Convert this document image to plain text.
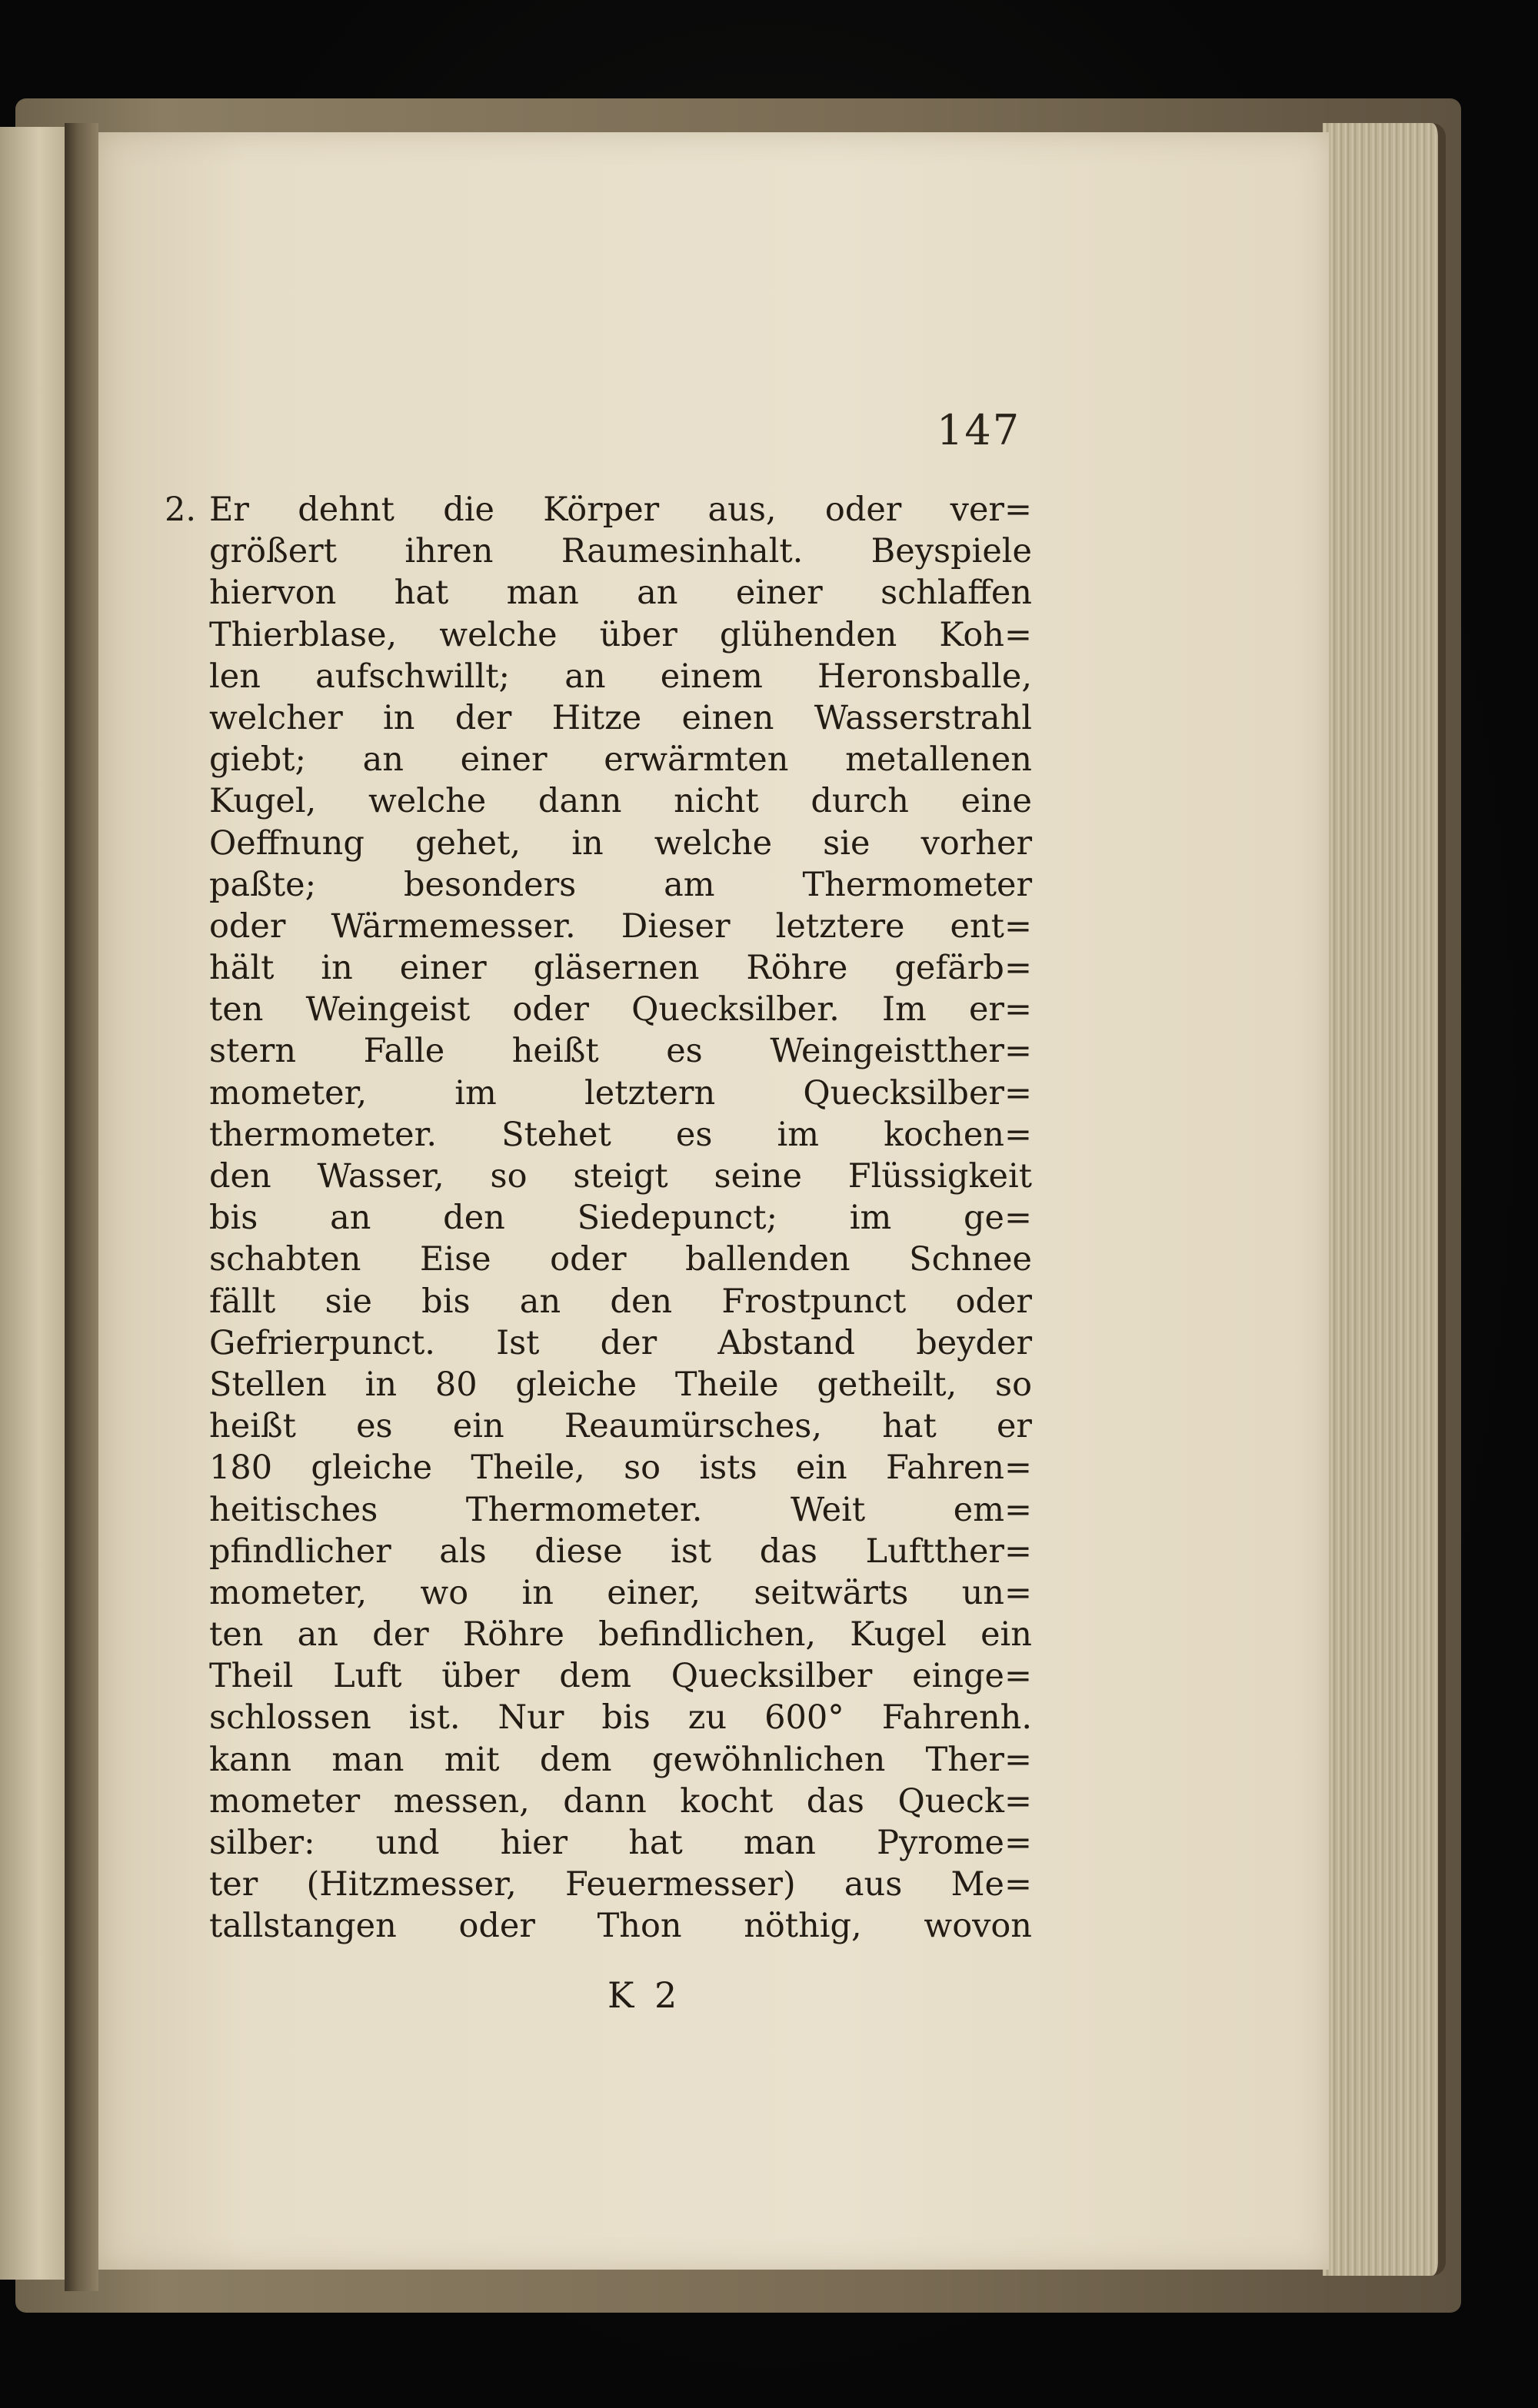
147
2. Er dehnt die Körper aus, oder ver=
größert ihren Raumesinhalt. Beyspiele
hiervon hat man an einer schlaffen
Thierblase, welche über glühenden Koh=
len aufschwillt; an einem Heronsballe,
welcher in der Hitze einen Wasserstrahl
giebt; an einer erwärmten metallenen
Kugel, welche dann nicht durch eine
Oeffnung gehet, in welche sie vorher
paßte; besonders am Thermometer
oder Wärmemesser. Dieser letztere ent=
hält in einer gläsernen Röhre gefärb=
ten Weingeist oder Quecksilber. Im er=
stern Falle heißt es Weingeistther=
mometer, im letztern Quecksilber=
thermometer. Stehet es im kochen=
den Wasser, so steigt seine Flüssigkeit
bis an den Siedepunct; im ge=
schabten Eise oder ballenden Schnee
fällt sie bis an den Frostpunct oder
Gefrierpunct. Ist der Abstand beyder
Stellen in 80 gleiche Theile getheilt, so
heißt es ein Reaumürsches, hat er
180 gleiche Theile, so ists ein Fahren=
heitisches Thermometer. Weit em=
pfindlicher als diese ist das Luftther=
mometer, wo in einer, seitwärts un=
ten an der Röhre befindlichen, Kugel ein
Theil Luft über dem Quecksilber einge=
schlossen ist. Nur bis zu 600° Fahrenh.
kann man mit dem gewöhnlichen Ther=
mometer messen, dann kocht das Queck=
silber: und hier hat man Pyrome=
ter (Hitzmesser, Feuermesser) aus Me=
tallstangen oder Thon nöthig, wovon
K 2
